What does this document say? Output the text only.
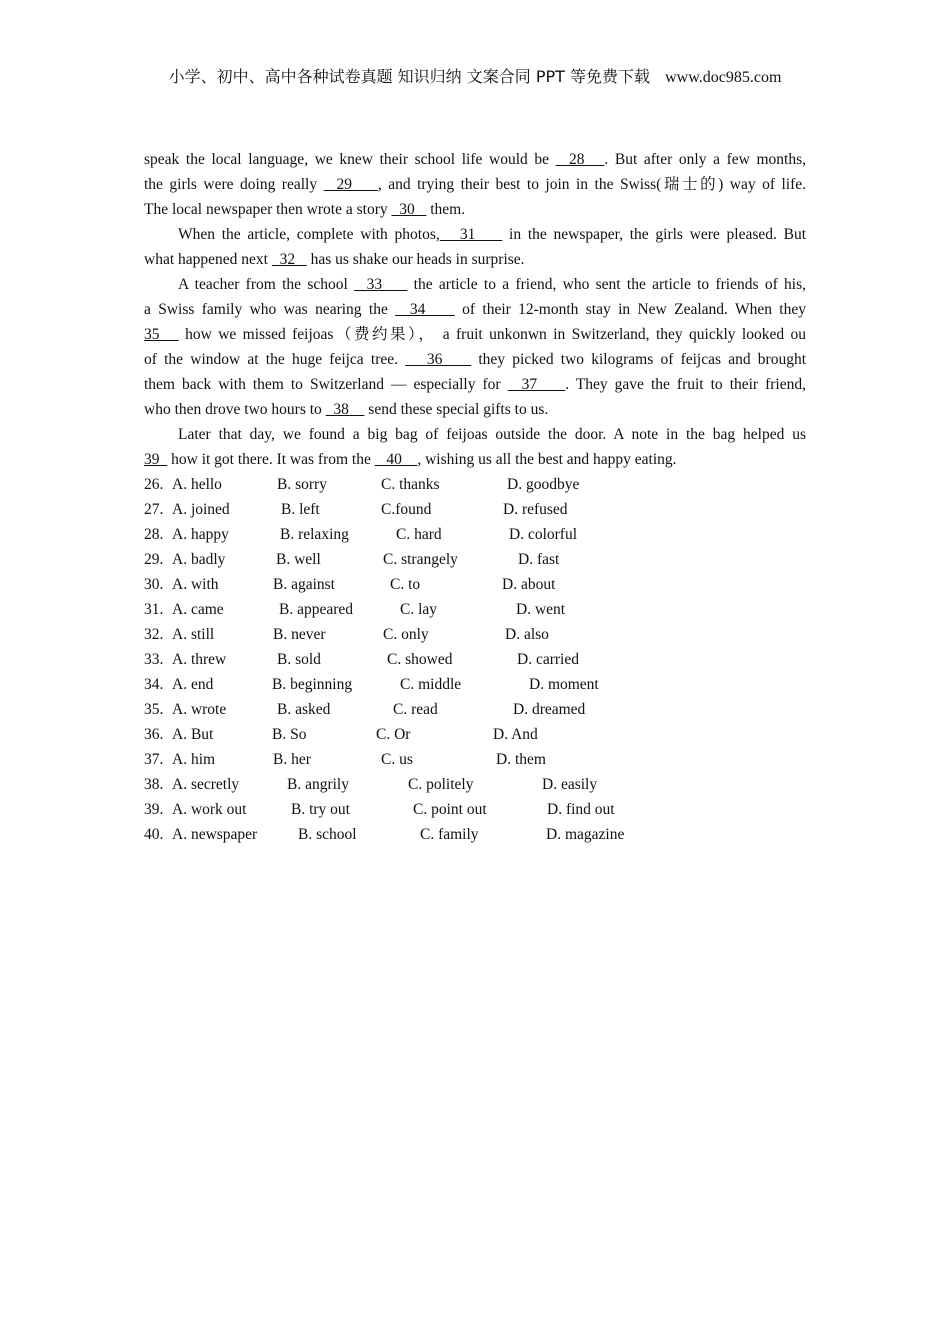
小学、初中、高中各种试卷真题 知识归纳 文案合同 PPT 等免费下载 www.doc985.com
speak the local language, we knew their school life would be   28   . But after only a few months,
the girls were doing really   29    , and trying their best to join in the Swiss(瑞士的) way of life.
The local newspaper then wrote a story   30    them.
When the article, complete with photos,   31     in the newspaper, the girls were pleased. But
what happened next   32    has us shake our heads in surprise.
A teacher from the school   33     the article to a friend, who sent the article to friends of his,
a Swiss family who was nearing the   34     of their 12-month stay in New Zealand. When they
35    how we missed feijoas（费约果）， a fruit unkonwn in Switzerland, they quickly looked ou
of the window at the huge feijca tree.    36     they picked two kilograms of feijcas and brought
them back with them to Switzerland — especially for   37    . They gave the fruit to their friend,
who then drove two hours to   38     send these special gifts to us.
Later that day, we found a big bag of feijoas outside the door. A note in the bag helped us
39   how it got there. It was from the    40    , wishing us all the best and happy eating.
26. A. hello	B. sorry	C. thanks	D. goodbye
27. A. joined	B. left	C.found	D. refused
28. A. happy	B. relaxing	C. hard	D. colorful
29. A. badly	B. well	C. strangely	D. fast
30. A. with	B. against	C. to	D. about
31. A. came	B. appeared	C. lay	D. went
32. A. still	B. never	C. only	D. also
33. A. threw	B. sold	C. showed	D. carried
34. A. end	B. beginning	C. middle	D. moment
35. A. wrote	B. asked	C. read	D. dreamed
36. A. But	B. So	C. Or	D. And
37. A. him	B. her	C. us	D. them
38. A. secretly	B. angrily	C. politely	D. easily
39. A. work out	B. try out	C. point out	D. find out
40. A. newspaper	B. school	C. family	D. magazine
